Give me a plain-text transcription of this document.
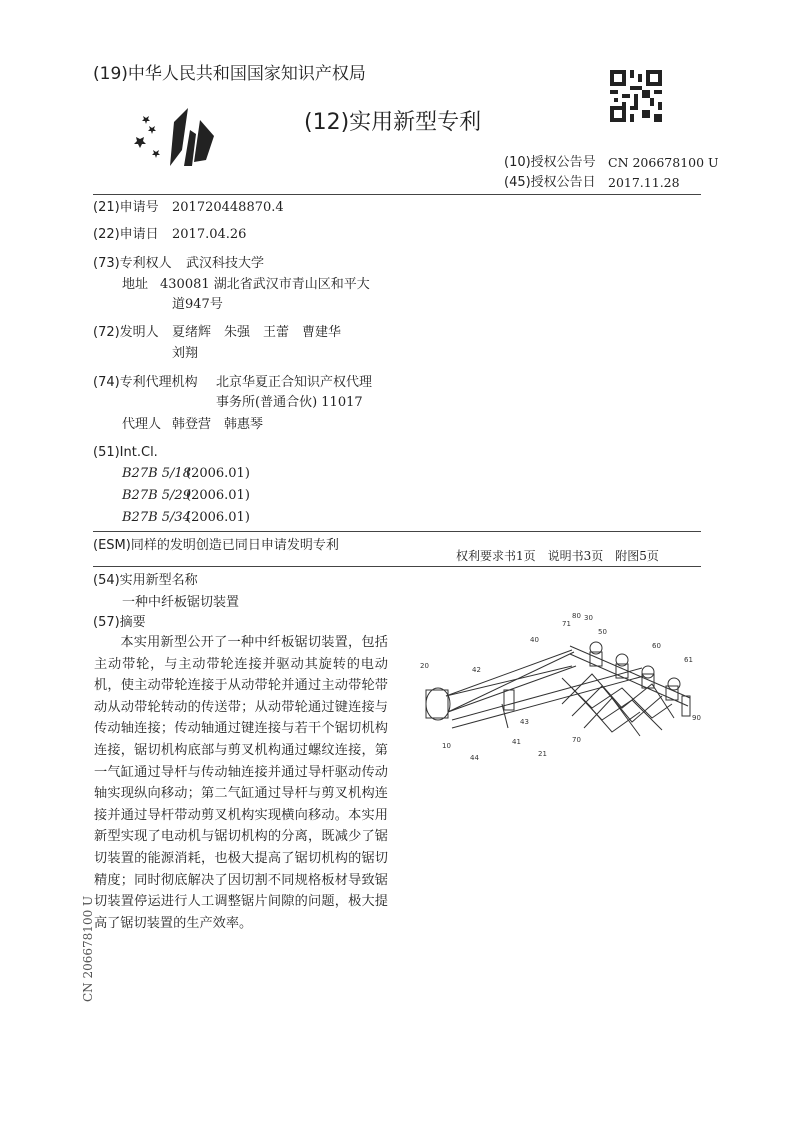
(19)中华人民共和国国家知识产权局
(12)实用新型专利
(10)授权公告号 CN 206678100 U
(45)授权公告日 2017.11.28
(21)申请号 201720448870.4
(22)申请日 2017.04.26
(73)专利权人 武汉科技大学
地址 430081 湖北省武汉市青山区和平大
道947号
(72)发明人 夏绪辉　朱强　王蕾　曹建华
刘翔
(74)专利代理机构 北京华夏正合知识产权代理
事务所(普通合伙) 11017
代理人 韩登营　韩惠琴
(51)Int.Cl.
B27B 5/18
(2006.01)
B27B 5/29
(2006.01)
B27B 5/34
(2006.01)
(ESM)同样的发明创造已同日申请发明专利
权利要求书1页　说明书3页　附图5页
(54)实用新型名称
一种中纤板锯切装置
(57)摘要

本实用新型公开了一种中纤板锯切装置，包括主动带轮，与主动带轮连接并驱动其旋转的电动机，使主动带轮连接于从动带轮并通过主动带轮带动从动带轮转动的传送带；从动带轮通过键连接与传动轴连接；传动轴通过键连接与若干个锯切机构连接，锯切机构底部与剪叉机构通过螺纹连接，第一气缸通过导杆与传动轴连接并通过导杆驱动传动轴实现纵向移动；第二气缸通过导杆与剪叉机构连接并通过导杆带动剪叉机构实现横向移动。本实用新型实现了电动机与锯切机构的分离，既减少了锯切装置的能源消耗，也极大提高了锯切机构的锯切精度；同时彻底解决了因切割不同规格板材导致锯切装置停运进行人工调整锯片间隙的问题，极大提高了锯切装置的生产效率。

CN 206678100 U
20
10
44
42
43
41
40
71
80 30
50
60
61
90
70
21
